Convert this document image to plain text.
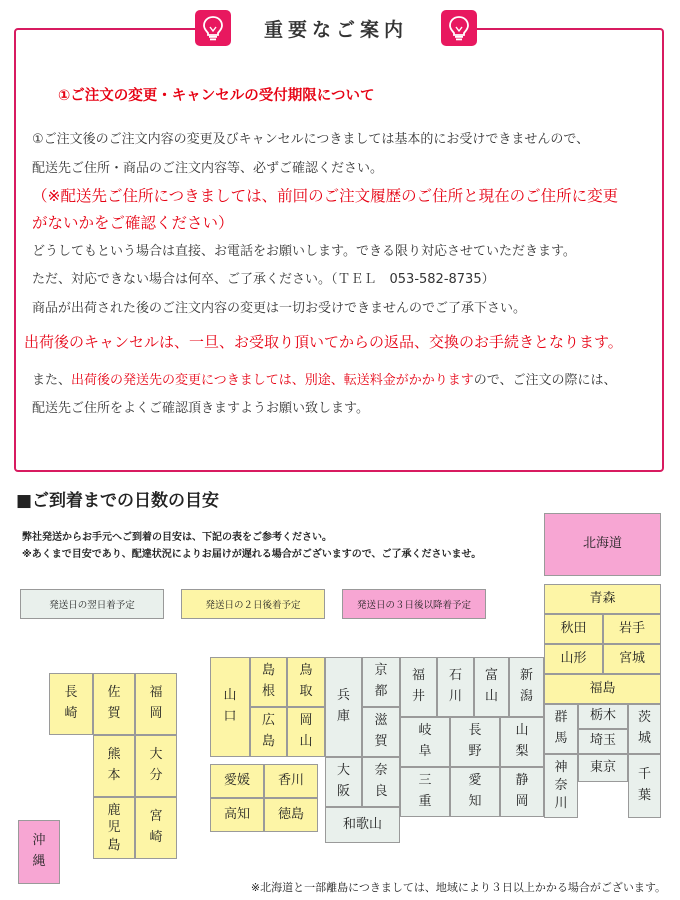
重要なご案内
①ご注文の変更・キャンセルの受付期限について
①ご注文後のご注文内容の変更及びキャンセルにつきましては基本的にお受けできませんので、
配送先ご住所・商品のご注文内容等、必ずご確認ください。
（※配送先ご住所につきましては、前回のご注文履歴のご住所と現在のご住所に変更
がないかをご確認ください）
どうしてもという場合は直接、お電話をお願いします。できる限り対応させていただきます。
ただ、対応できない場合は何卒、ご了承ください。（ＴＥＬ　053-582-8735）
商品が出荷された後のご注文内容の変更は一切お受けできませんのでご了承下さい。
出荷後のキャンセルは、一旦、お受取り頂いてからの返品、交換のお手続きとなります。
また、出荷後の発送先の変更につきましては、別途、転送料金がかかりますので、ご注文の際には、
配送先ご住所をよくご確認頂きますようお願い致します。
■ご到着までの日数の目安
弊社発送からお手元へご到着の目安は、下記の表をご参考ください。
※あくまで目安であり、配達状況によりお届けが遅れる場合がございますので、ご了承くださいませ。
発送日の翌日着予定	発送日の２日後着予定	発送日の３日後以降着予定
北海道
青森
秋田	岩手
山形	宮城
福島
群馬
栃木	茨城
埼玉
東京
神奈川
千葉
新潟
富山
石川
福井
山梨
長野
岐阜
静岡
愛知
三重
京都
兵庫	滋賀
大阪
奈良
和歌山
山口
島根
鳥取
広島
岡山
愛媛	香川
高知	徳島
長崎
佐賀
福岡
熊本
大分
鹿児島
宮崎
沖縄
※北海道と一部離島につきましては、地域により３日以上かかる場合がございます。
